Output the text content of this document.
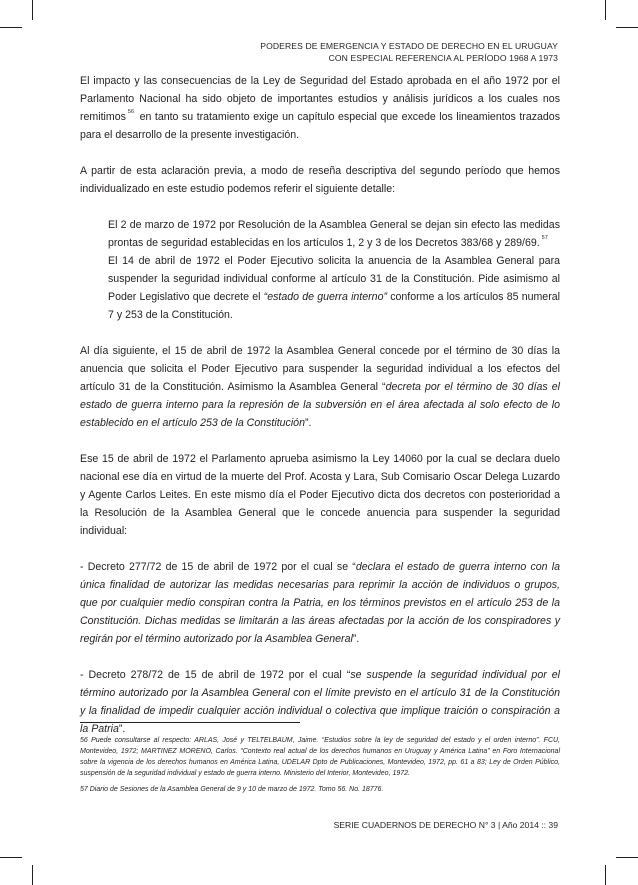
PODERES DE EMERGENCIA Y ESTADO DE DERECHO EN EL URUGUAY
CON ESPECIAL REFERENCIA AL PERÍODO 1968 A 1973

El impacto y las consecuencias de la Ley de Seguridad del Estado aprobada en el año 1972 por el Parlamento Nacional ha sido objeto de importantes estudios y análisis jurídicos a los cuales nos remitimos $^{56}$ en tanto su tratamiento exige un capítulo especial que excede los lineamientos trazados para el desarrollo de la presente investigación.

A partir de esta aclaración previa, a modo de reseña descriptiva del segundo período que hemos individualizado en este estudio podemos referir el siguiente detalle:

El 2 de marzo de 1972 por Resolución de la Asamblea General se dejan sin efecto las medidas prontas de seguridad establecidas en los artículos 1, 2 y 3 de los Decretos 383/68 y 289/69. $^{57}$

El 14 de abril de 1972 el Poder Ejecutivo solicita la anuencia de la Asamblea General para suspender la seguridad individual conforme al artículo 31 de la Constitución. Pide asimismo al Poder Legislativo que decrete el “estado de guerra interno” conforme a los artículos 85 numeral 7 y 253 de la Constitución.

Al día siguiente, el 15 de abril de 1972 la Asamblea General concede por el término de 30 días la anuencia que solicita el Poder Ejecutivo para suspender la seguridad individual a los efectos del artículo 31 de la Constitución. Asimismo la Asamblea General “decreta por el término de 30 días el estado de guerra interno para la represión de la subversión en el área afectada al solo efecto de lo establecido en el artículo 253 de la Constitución”.

Ese 15 de abril de 1972 el Parlamento aprueba asimismo la Ley 14060 por la cual se declara duelo nacional ese día en virtud de la muerte del Prof. Acosta y Lara, Sub Comisario Oscar Delega Luzardo y Agente Carlos Leites. En este mismo día el Poder Ejecutivo dicta dos decretos con posterioridad a la Resolución de la Asamblea General que le concede anuencia para suspender la seguridad individual:

- Decreto 277/72 de 15 de abril de 1972 por el cual se “declara el estado de guerra interno con la única finalidad de autorizar las medidas necesarias para reprimir la acción de individuos o grupos, que por cualquier medio conspiran contra la Patria, en los términos previstos en el artículo 253 de la Constitución. Dichas medidas se limitarán a las áreas afectadas por la acción de los conspiradores y regirán por el término autorizado por la Asamblea General”.

- Decreto 278/72 de 15 de abril de 1972 por el cual “se suspende la seguridad individual por el término autorizado por la Asamblea General con el límite previsto en el artículo 31 de la Constitución y la finalidad de impedir cualquier acción individual o colectiva que implique traición o conspiración a la Patria”.

56 Puede consultarse al respecto: ARLAS, José y TELTELBAUM, Jaime. “Estudios sobre la ley de seguridad del estado y el orden interno”. FCU, Montevideo, 1972; MARTINEZ MORENO, Carlos. “Contexto real actual de los derechos humanos en Uruguay y América Latina” en Foro Internacional sobre la vigencia de los derechos humanos en América Latina, UDELAR Dpto de Publicaciones, Montevideo, 1972, pp. 61 a 83; Ley de Orden Público, suspensión de la seguridad individual y estado de guerra interno. Ministerio del Interior, Montevideo, 1972.

57 Diario de Sesiones de la Asamblea General de 9 y 10 de marzo de 1972. Tomo 56. No. 18776.

SERIE CUADERNOS DE DERECHO N° 3 | Año 2014 :: 39
